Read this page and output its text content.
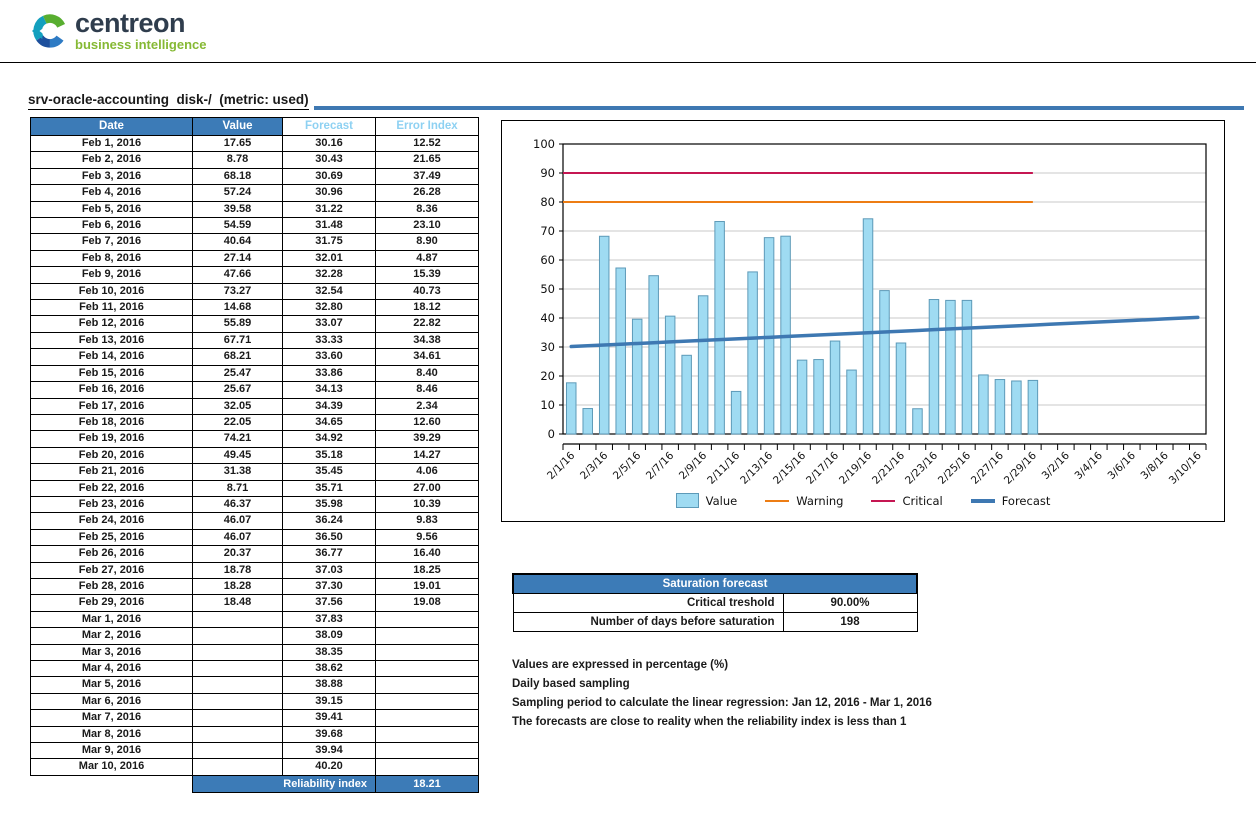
centreon
business intelligence
srv-oracle-accounting  disk-/  (metric: used)
Date	Value	Forecast	Error Index
Feb 1, 2016	17.65	30.16	12.52
Feb 2, 2016	8.78	30.43	21.65
Feb 3, 2016	68.18	30.69	37.49
Feb 4, 2016	57.24	30.96	26.28
Feb 5, 2016	39.58	31.22	8.36
Feb 6, 2016	54.59	31.48	23.10
Feb 7, 2016	40.64	31.75	8.90
Feb 8, 2016	27.14	32.01	4.87
Feb 9, 2016	47.66	32.28	15.39
Feb 10, 2016	73.27	32.54	40.73
Feb 11, 2016	14.68	32.80	18.12
Feb 12, 2016	55.89	33.07	22.82
Feb 13, 2016	67.71	33.33	34.38
Feb 14, 2016	68.21	33.60	34.61
Feb 15, 2016	25.47	33.86	8.40
Feb 16, 2016	25.67	34.13	8.46
Feb 17, 2016	32.05	34.39	2.34
Feb 18, 2016	22.05	34.65	12.60
Feb 19, 2016	74.21	34.92	39.29
Feb 20, 2016	49.45	35.18	14.27
Feb 21, 2016	31.38	35.45	4.06
Feb 22, 2016	8.71	35.71	27.00
Feb 23, 2016	46.37	35.98	10.39
Feb 24, 2016	46.07	36.24	9.83
Feb 25, 2016	46.07	36.50	9.56
Feb 26, 2016	20.37	36.77	16.40
Feb 27, 2016	18.78	37.03	18.25
Feb 28, 2016	18.28	37.30	19.01
Feb 29, 2016	18.48	37.56	19.08
Mar 1, 2016		37.83	
Mar 2, 2016		38.09	
Mar 3, 2016		38.35	
Mar 4, 2016		38.62	
Mar 5, 2016		38.88	
Mar 6, 2016		39.15	
Mar 7, 2016		39.41	
Mar 8, 2016		39.68	
Mar 9, 2016		39.94	
Mar 10, 2016		40.20	
	Reliability index		18.21
0
10
20
30
40
50
60
70
80
90
100
2/1/16 2/3/16 2/5/16 2/7/16 2/9/16
2/11/16
2/13/16
2/15/16
2/17/16
2/19/16
2/21/16
2/23/16
2/25/16
2/27/16
2/29/16 3/2/16 3/4/16 3/6/16 3/8/16
3/10/16
Value	Warning	Critical	Forecast
Saturation forecast	
Critical treshold	90.00%
Number of days before saturation	198
Values are expressed in percentage (%)
Daily based sampling
Sampling period to calculate the linear regression: Jan 12, 2016 - Mar 1, 2016
The forecasts are close to reality when the reliability index is less than 1
